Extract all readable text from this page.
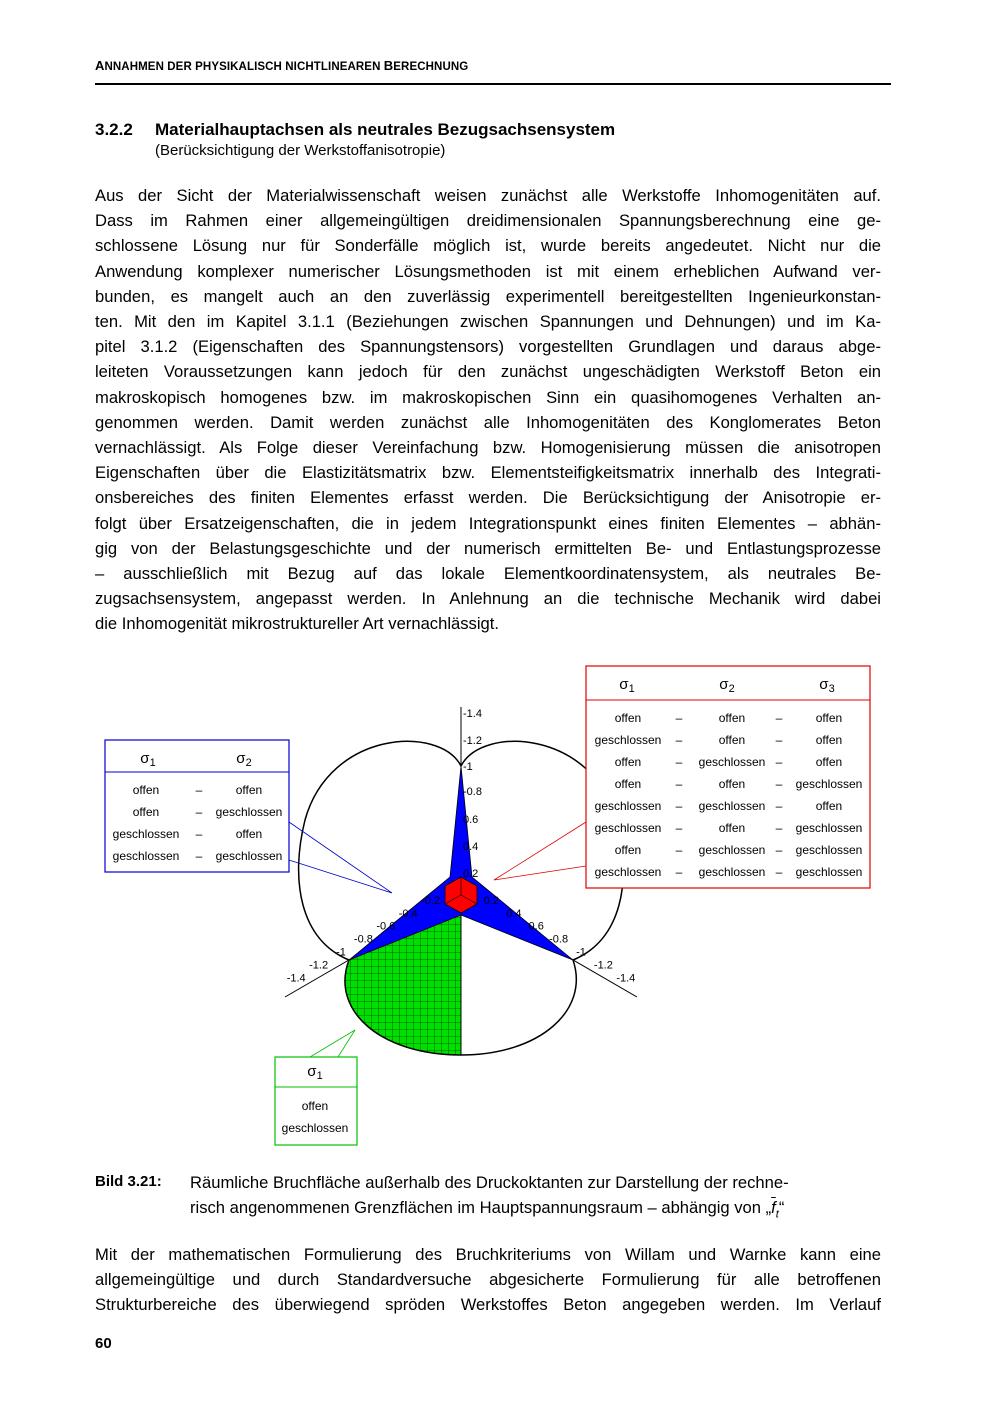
ANNAHMEN DER PHYSIKALISCH NICHTLINEAREN BERECHNUNG
3.2.2 Materialhauptachsen als neutrales Bezugsachsensystem
(Berücksichtigung der Werkstoffanisotropie)
Aus der Sicht der Materialwissenschaft weisen zunächst alle Werkstoffe Inhomogenitäten auf.
Dass im Rahmen einer allgemeingültigen dreidimensionalen Spannungsberechnung eine ge-
schlossene Lösung nur für Sonderfälle möglich ist, wurde bereits angedeutet. Nicht nur die
Anwendung komplexer numerischer Lösungsmethoden ist mit einem erheblichen Aufwand ver-
bunden, es mangelt auch an den zuverlässig experimentell bereitgestellten Ingenieurkonstan-
ten. Mit den im Kapitel 3.1.1 (Beziehungen zwischen Spannungen und Dehnungen) und im Ka-
pitel 3.1.2 (Eigenschaften des Spannungstensors) vorgestellten Grundlagen und daraus abge-
leiteten Voraussetzungen kann jedoch für den zunächst ungeschädigten Werkstoff Beton ein
makroskopisch homogenes bzw. im makroskopischen Sinn ein quasihomogenes Verhalten an-
genommen werden. Damit werden zunächst alle Inhomogenitäten des Konglomerates Beton
vernachlässigt. Als Folge dieser Vereinfachung bzw. Homogenisierung müssen die anisotropen
Eigenschaften über die Elastizitätsmatrix bzw. Elementsteifigkeitsmatrix innerhalb des Integrati-
onsbereiches des finiten Elementes erfasst werden. Die Berücksichtigung der Anisotropie er-
folgt über Ersatzeigenschaften, die in jedem Integrationspunkt eines finiten Elementes – abhän-
gig von der Belastungsgeschichte und der numerisch ermittelten Be- und Entlastungsprozesse
– ausschließlich mit Bezug auf das lokale Elementkoordinatensystem, als neutrales Be-
zugsachsensystem, angepasst werden. In Anlehnung an die technische Mechanik wird dabei
die Inhomogenität mikrostruktureller Art vernachlässigt.
-1.4
-1.2
-1
-0.8
0.6
0.4
0.2
-0.2	0.2
-0.4	0.4
-0.6	0.6
-0.8	-0.8
-1	-1
-1.2	-1.2
-1.4	-1.4
$\sigma_1$	$\sigma_2$
offen	–	offen
offen	– geschlossen
geschlossen –	offen
geschlossen – geschlossen
$\sigma_1$	$\sigma_2$	$\sigma_3$
offen	–	offen	–	offen
geschlossen –	offen	–	offen
offen	– geschlossen –	offen
offen	–	offen	– geschlossen
geschlossen – geschlossen –	offen
geschlossen –	offen	– geschlossen
offen	– geschlossen – geschlossen
geschlossen – geschlossen – geschlossen
$\sigma_1$
offen
geschlossen
Bild 3.21: Räumliche Bruchfläche außerhalb des Druckoktanten zur Darstellung der rechne-
risch angenommenen Grenzflächen im Hauptspannungsraum – abhängig von $„\overline{f}_t“$
Mit der mathematischen Formulierung des Bruchkriteriums von Willam und Warnke kann eine
allgemeingültige und durch Standardversuche abgesicherte Formulierung für alle betroffenen
Strukturbereiche des überwiegend spröden Werkstoffes Beton angegeben werden. Im Verlauf
60
